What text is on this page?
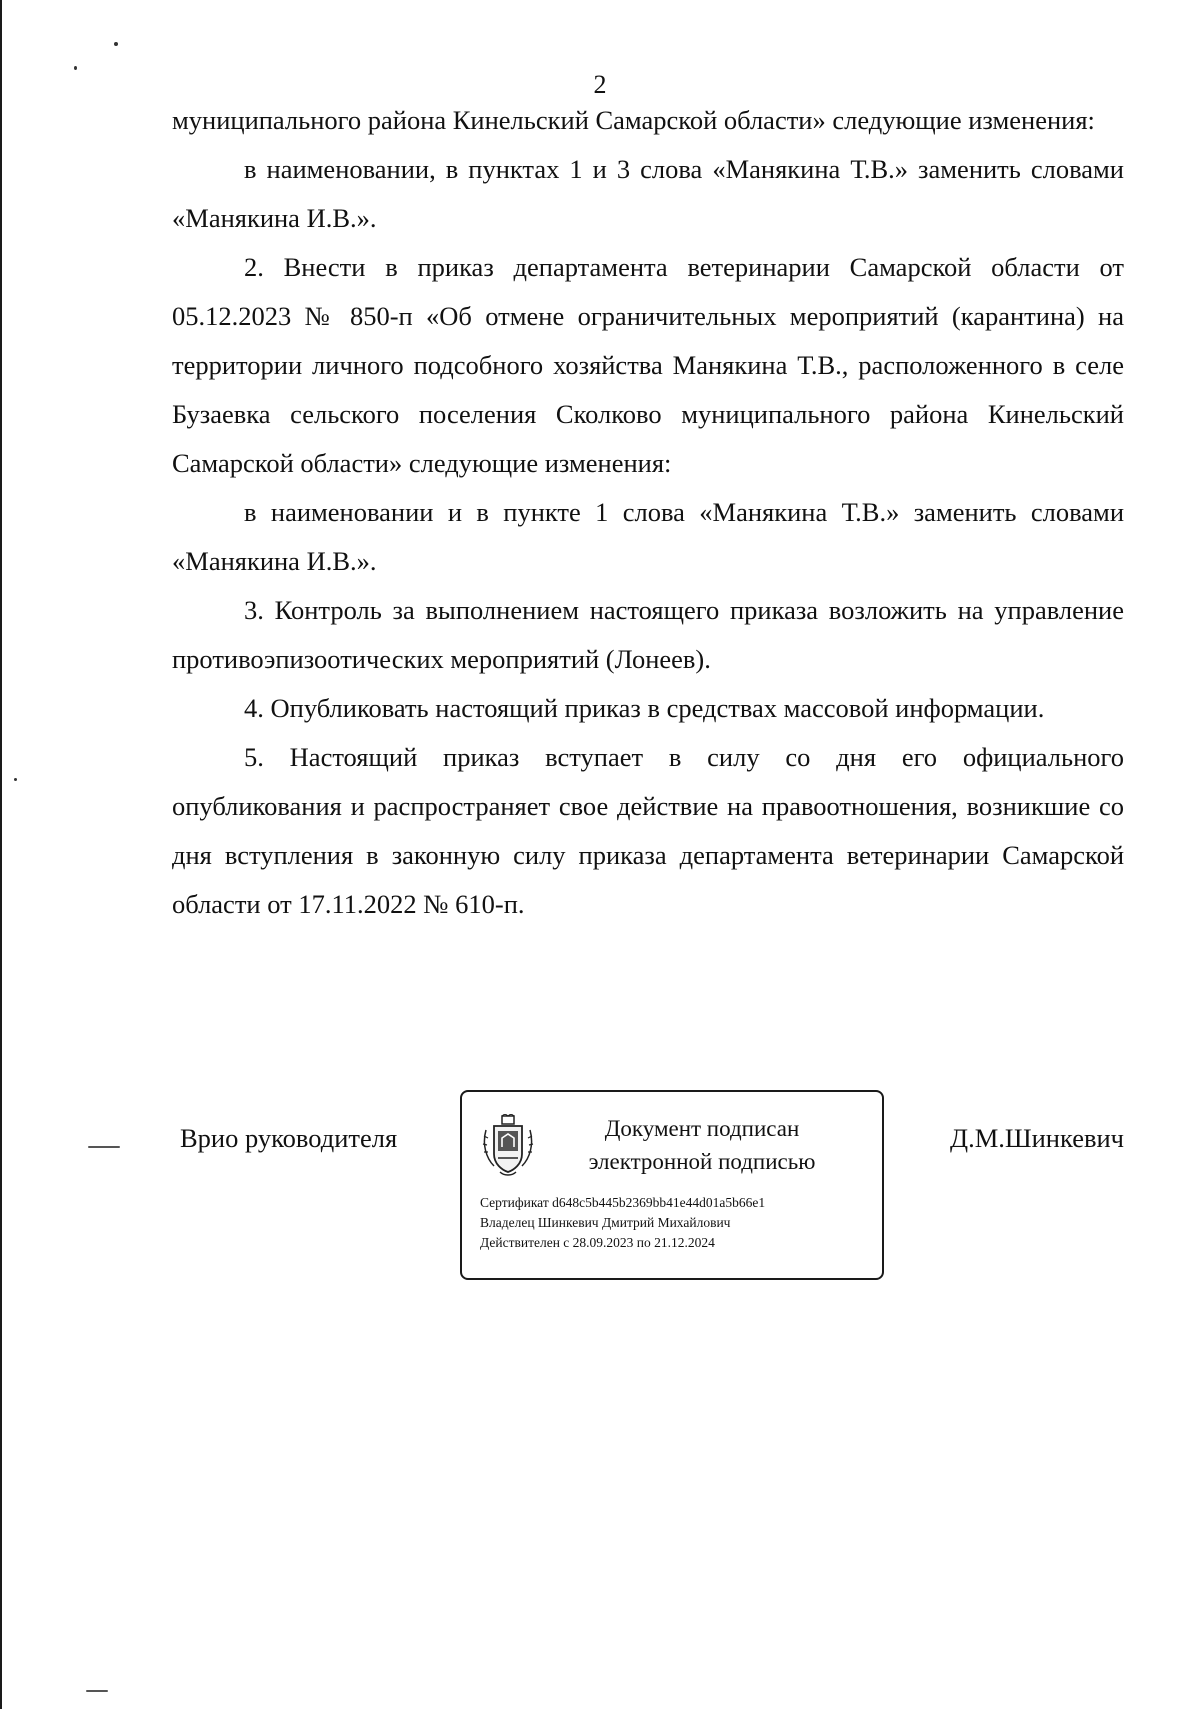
2

муниципального района Кинельский Самарской области» следующие изменения:

в наименовании, в пунктах 1 и 3 слова «Манякина Т.В.» заменить словами «Манякина И.В.».

2. Внести в приказ департамента ветеринарии Самарской области от 05.12.2023 № 850-п «Об отмене ограничительных мероприятий (карантина) на территории личного подсобного хозяйства Манякина Т.В., расположенного в селе Бузаевка сельского поселения Сколково муниципального района Кинельский Самарской области» следующие изменения:

в наименовании и в пункте 1 слова «Манякина Т.В.» заменить словами «Манякина И.В.».

3. Контроль за выполнением настоящего приказа возложить на управление противоэпизоотических мероприятий (Лонеев).

4. Опубликовать настоящий приказ в средствах массовой информации.

5. Настоящий приказ вступает в силу со дня его официального опубликования и распространяет свое действие на правоотношения, возникшие со дня вступления в законную силу приказа департамента ветеринарии Самарской области от 17.11.2022 № 610-п.

Врио руководителя	Документ подписан
электронной подписью
Сертификат d648c5b445b2369bb41e44d01a5b66e1
Владелец Шинкевич Дмитрий Михайлович
Действителен с 28.09.2023 по 21.12.2024
Д.М.Шинкевич
